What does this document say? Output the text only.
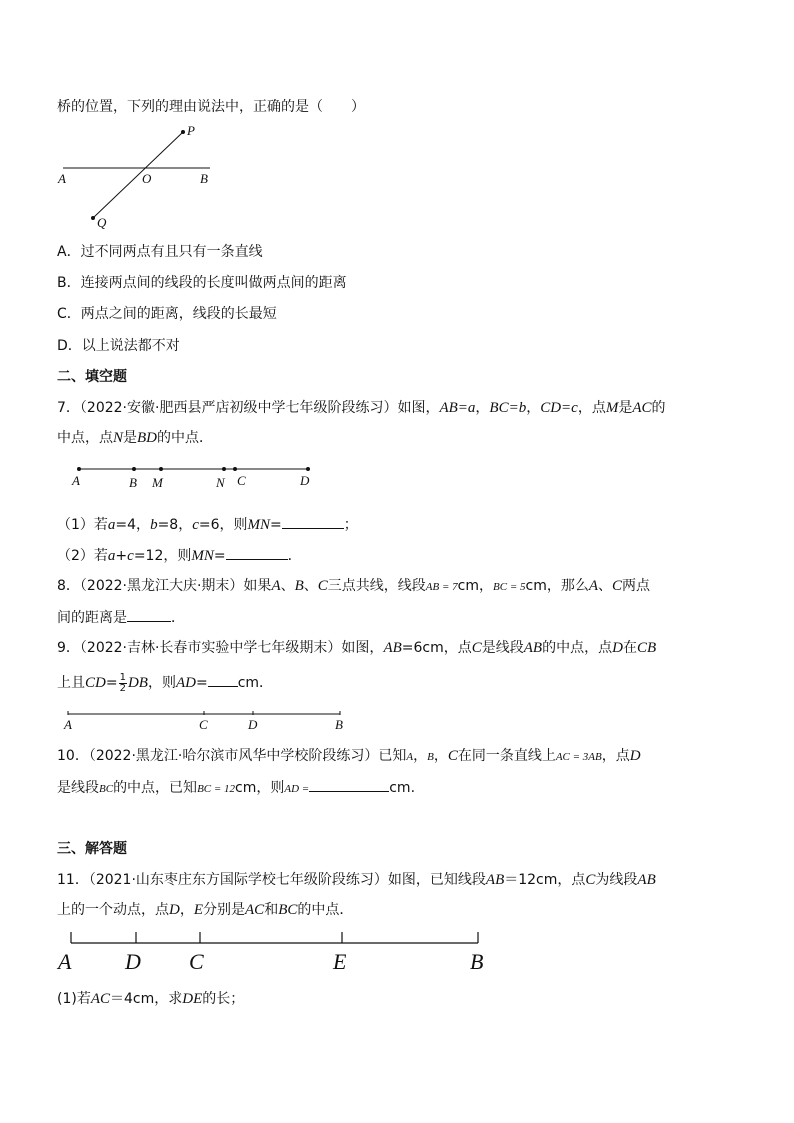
桥的位置，下列的理由说法中，正确的是（　　）
P
A	O	B
Q
A．过不同两点有且只有一条直线
B．连接两点间的线段的长度叫做两点间的距离
C．两点之间的距离，线段的长最短
D．以上说法都不对
二、填空题
7．（2022·安徽·肥西县严店初级中学七年级阶段练习）如图，AB=a，BC=b，CD=c，点M是AC的
中点，点N是BD的中点．
A	B M	N C	D
（1）若a=4，b=8，c=6，则MN=	；
（2）若a+c=12，则MN=	．
8．（2022·黑龙江大庆·期末）如果A、B、C三点共线，线段AB = 7cm，BC = 5cm，那么A、C两点
间的距离是	．
9．（2022·吉林·长春市实验中学七年级期末）如图，AB=6cm，点C是线段AB的中点，点D在CB
上且$CD= \frac{1}{2}$ DB，则AD= cm．
A	C	D	B
10．（2022·黑龙江·哈尔滨市风华中学校阶段练习）已知A，B，C在同一条直线上AC = 3AB，点D
是线段BC的中点，已知BC = 12cm，则AD =	cm.
三、解答题
11．（2021·山东枣庄东方国际学校七年级阶段练习）如图，已知线段AB＝12cm，点C为线段AB
上的一个动点，点D，E分别是AC和BC的中点．
A D C	E	B
(1)若AC＝4cm，求DE的长；
